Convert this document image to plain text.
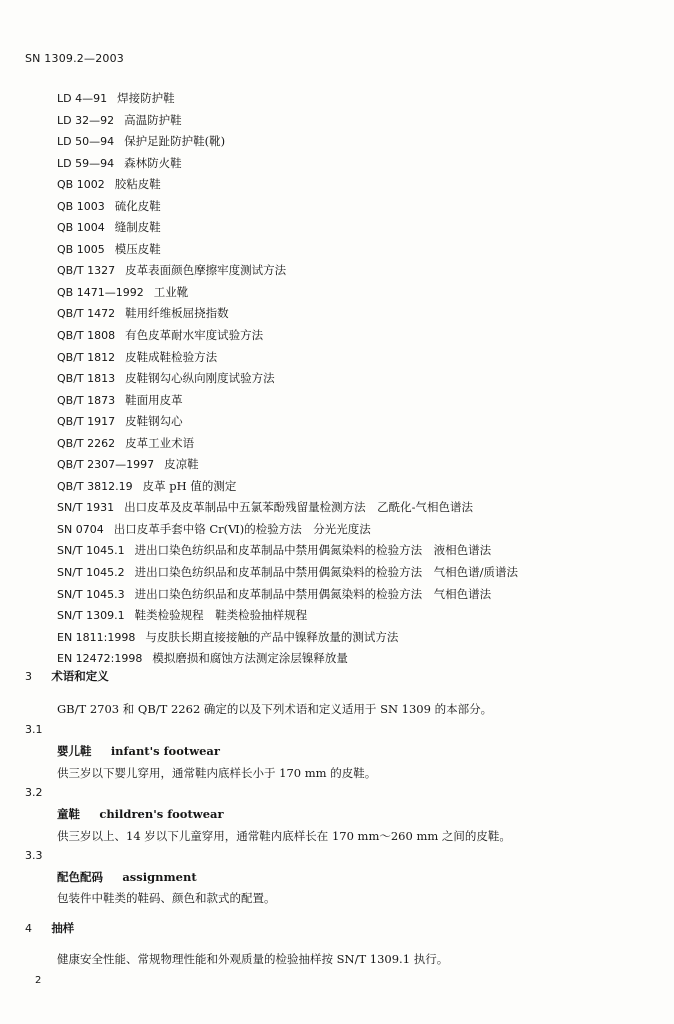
SN 1309.2—2003
LD 4—91 焊接防护鞋
LD 32—92 高温防护鞋
LD 50—94 保护足趾防护鞋(靴)
LD 59—94 森林防火鞋
QB 1002 胶粘皮鞋
QB 1003 硫化皮鞋
QB 1004 缝制皮鞋
QB 1005 模压皮鞋
QB/T 1327 皮革表面颜色摩擦牢度测试方法
QB 1471—1992 工业靴
QB/T 1472 鞋用纤维板屈挠指数
QB/T 1808 有色皮革耐水牢度试验方法
QB/T 1812 皮鞋成鞋检验方法
QB/T 1813 皮鞋钢勾心纵向刚度试验方法
QB/T 1873 鞋面用皮革
QB/T 1917 皮鞋钢勾心
QB/T 2262 皮革工业术语
QB/T 2307—1997 皮凉鞋
QB/T 3812.19 皮革 pH 值的测定
SN/T 1931 出口皮革及皮革制品中五氯苯酚残留量检测方法　乙酰化-气相色谱法
SN 0704 出口皮革手套中铬 Cr(Ⅵ)的检验方法　分光光度法
SN/T 1045.1 进出口染色纺织品和皮革制品中禁用偶氮染料的检验方法　液相色谱法
SN/T 1045.2 进出口染色纺织品和皮革制品中禁用偶氮染料的检验方法　气相色谱/质谱法
SN/T 1045.3 进出口染色纺织品和皮革制品中禁用偶氮染料的检验方法　气相色谱法
SN/T 1309.1 鞋类检验规程　鞋类检验抽样规程
EN 1811:1998 与皮肤长期直接接触的产品中镍释放量的测试方法
EN 12472:1998 模拟磨损和腐蚀方法测定涂层镍释放量
3 术语和定义
GB/T 2703 和 QB/T 2262 确定的以及下列术语和定义适用于 SN 1309 的本部分。
3.1
婴儿鞋 infant's footwear
供三岁以下婴儿穿用，通常鞋内底样长小于 170 mm 的皮鞋。
3.2
童鞋 children's footwear
供三岁以上、14 岁以下儿童穿用，通常鞋内底样长在 170 mm～260 mm 之间的皮鞋。
3.3
配色配码 assignment
包装件中鞋类的鞋码、颜色和款式的配置。
4 抽样
健康安全性能、常规物理性能和外观质量的检验抽样按 SN/T 1309.1 执行。
2
